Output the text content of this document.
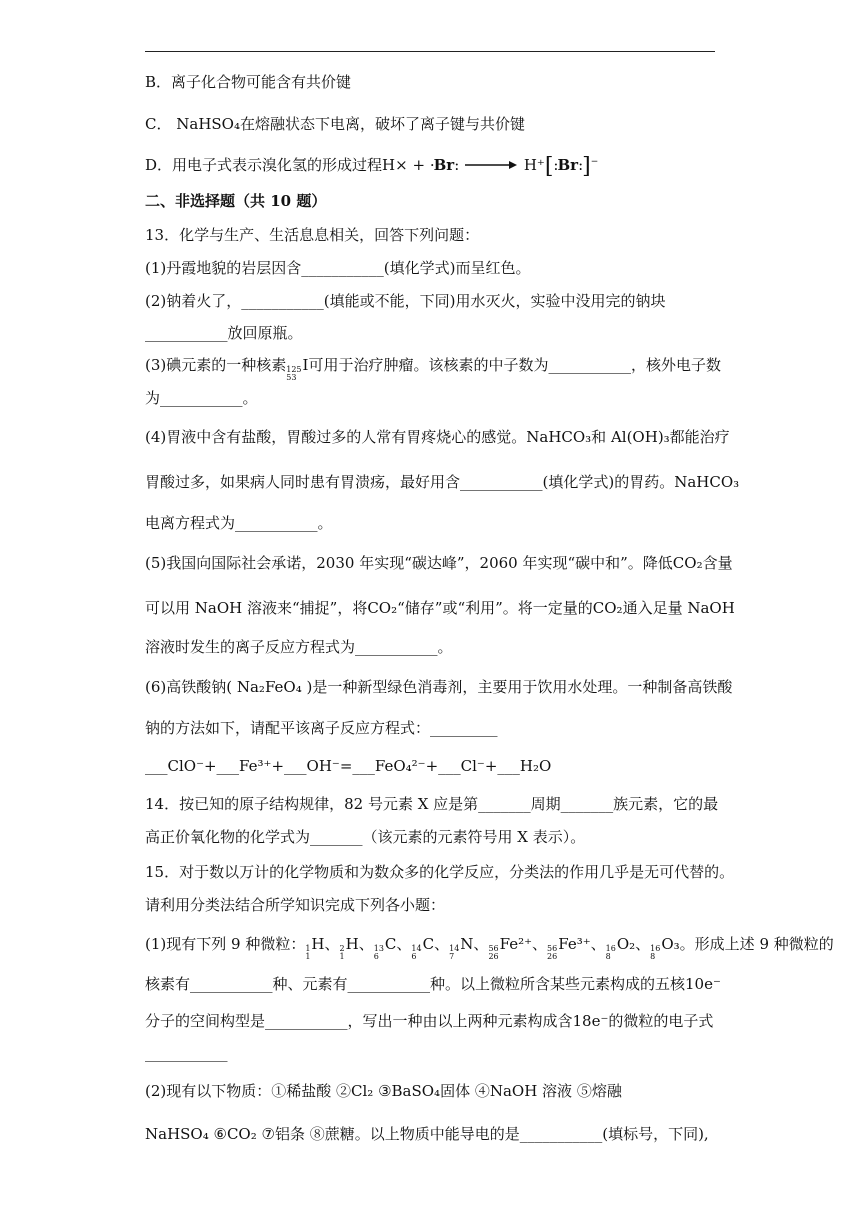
B．离子化合物可能含有共价键
C． NaHSO₄在熔融状态下电离，破坏了离子键与共价键
D．用电子式表示溴化氢的形成过程H× + ·Br: → H⁺[:Br:]−
二、非选择题（共 10 题）
13．化学与生产、生活息息相关，回答下列问题：
(1)丹霞地貌的岩层因含___________(填化学式)而呈红色。
(2)钠着火了，___________(填能或不能，下同)用水灭火，实验中没用完的钠块
___________放回原瓶。
(3)碘元素的一种核素 125
53
I可用于治疗肿瘤。该核素的中子数为___________，核外电子数
为___________。
(4)胃液中含有盐酸，胃酸过多的人常有胃疼烧心的感觉。NaHCO₃和 Al(OH)₃都能治疗
胃酸过多，如果病人同时患有胃溃疡，最好用含___________(填化学式)的胃药。NaHCO₃
电离方程式为___________。
(5)我国向国际社会承诺，2030 年实现“碳达峰”，2060 年实现“碳中和”。降低CO₂含量
可以用 NaOH 溶液来“捕捉”，将CO₂“储存”或“利用”。将一定量的CO₂通入足量 NaOH
溶液时发生的离子反应方程式为___________。
(6)高铁酸钠( Na₂FeO₄ )是一种新型绿色消毒剂，主要用于饮用水处理。一种制备高铁酸
钠的方法如下，请配平该离子反应方程式：_________
___ClO⁻+___Fe³⁺+___OH⁻=___FeO₄²⁻+___Cl⁻+___H₂O
14．按已知的原子结构规律，82 号元素 X 应是第_______周期_______族元素，它的最
高正价氧化物的化学式为_______（该元素的元素符号用 X 表示）。
15．对于数以万计的化学物质和为数众多的化学反应，分类法的作用几乎是无可代替的。
请利用分类法结合所学知识完成下列各小题：
(1)现有下列 9 种微粒： 1
1
H、 2
1
H、 13
6
C、 14
6
C、 14
7
N、 56
26
Fe²⁺、 56
26
Fe³⁺、 16
8
O₂、 16
8
O₃。形成上述 9 种微粒的
核素有___________种、元素有___________种。以上微粒所含某些元素构成的五核10e⁻
分子的空间构型是___________，写出一种由以上两种元素构成含18e⁻的微粒的电子式
___________
(2)现有以下物质：①稀盐酸 ②Cl₂ ③BaSO₄固体 ④NaOH 溶液 ⑤熔融
NaHSO₄ ⑥CO₂ ⑦铝条 ⑧蔗糖。以上物质中能导电的是___________(填标号，下同),
